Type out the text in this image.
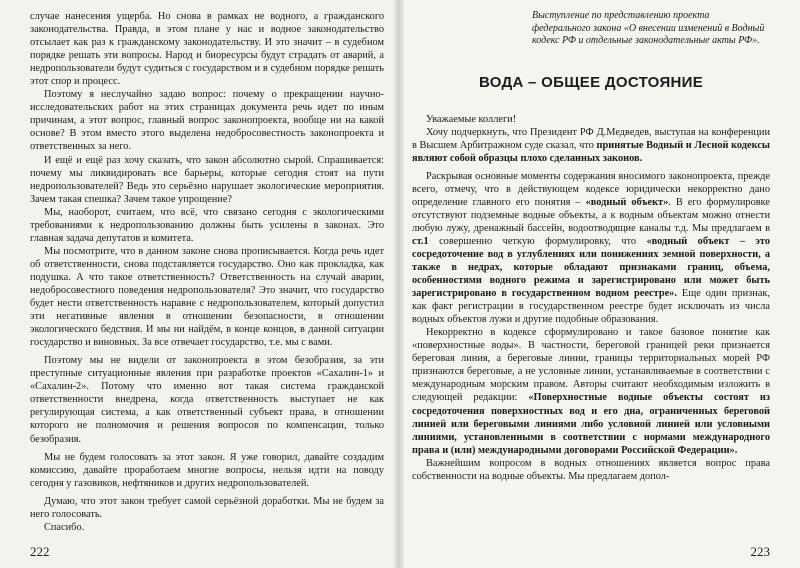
случае нанесения ущерба. Но снова в рамках не водного, а гражданского законодательства. Правда, в этом плане у нас и водное законодательство отсылает как раз к гражданскому законодательству. И это значит – в судебном порядке решать эти вопросы. Народ и биоресурсы будут страдать от аварий, а недропользователи будут судиться с государством и в судебном порядке решать этот спор и процесс.

Поэтому я неслучайно задаю вопрос: почему о прекращении научно-исследовательских работ на этих страницах документа речь идет по иным причинам, а этот вопрос, главный вопрос законопроекта, вообще ни на какой основе? В этом вместо этого выделена недобросовестность законопроекта и ответственных за него.

И ещё и ещё раз хочу сказать, что закон абсолютно сырой. Спрашивается: почему мы ликвидировать все барьеры, которые сегодня стоят на пути недропользователей? Ведь это серьёзно нарушает экологические мероприятия. Зачем такая спешка? Зачем такое упрощение?

Мы, наоборот, считаем, что всё, что связано сегодня с экологическими требованиями к недропользованию должны быть усилены в законах. Это главная задача депутатов и комитета.

Мы посмотрите, что в данном законе снова прописывается. Когда речь идет об ответственности, снова подставляется государство. Оно как прокладка, как подушка. А что такое ответственность? Ответственность на случай аварии, недобросовестного поведения недропользователя? Это значит, что государство будет нести ответственность наравне с недропользователем, который допустил эти негативные явления в отношении безопасности, в отношении экологического бедствия. И мы ни найдём, в конце концов, в данной ситуации государство и виновных. За все отвечает государство, т.е. мы с вами.

Поэтому мы не видели от законопроекта в этом безобразия, за эти преступные ситуационные явления при разработке проектов «Сахалин-1» и «Сахалин-2». Потому что именно вот такая система гражданской ответственности внедрена, когда ответственность выступает не как регулирующая система, а как ответственный субъект права, в отношении которого не полномочия и решения вопросов по компенсации, только безобразия.

Мы не будем голосовать за этот закон. Я уже говорил, давайте создадим комиссию, давайте проработаем многие вопросы, нельзя идти на поводу сегодня у газовиков, нефтяников и других недропользователей.

Думаю, что этот закон требует самой серьёзной доработки. Мы не будем за него голосовать.

Спасибо.

222

Выступление по представлению проекта федерального закона «О внесении изменений в Водный кодекс РФ и отдельные законодательные акты РФ».

ВОДА – ОБЩЕЕ ДОСТОЯНИЕ

Уважаемые коллеги!

Хочу подчеркнуть, что Президент РФ Д.Медведев, выступая на конференции в Высшем Арбитражном суде сказал, что принятые Водный и Лесной кодексы являют собой образцы плохо сделанных законов.

Раскрывая основные моменты содержания вносимого законопроекта, прежде всего, отмечу, что в действующем кодексе юридически некорректно дано определение главного его понятия – «водный объект». В его формулировке отсутствуют подземные водные объекты, а к водным объектам можно отнести любую лужу, дренажный бассейн, водоотводящие каналы т.д. Мы предлагаем в ст.1 совершенно четкую формулировку, что «водный объект – это сосредоточение вод в углублениях или понижениях земной поверхности, а также в недрах, которые обладают признаками границ, объема, особенностями водного режима и зарегистрировано или может быть зарегистрировано в государственном водном реестре». Еще один признак, как факт регистрации в государственном реестре будет исключать из числа водных объектов лужи и другие подобные образования.

Некорректно в кодексе сформулировано и такое базовое понятие как «поверхностные воды». В частности, береговой границей реки признается береговая линия, а береговые линии, границы территориальных морей РФ признаются береговые, а не условные линии, устанавливаемые в соответствии с международным морским правом. Авторы считают необходимым изложить в следующей редакции: «Поверхностные водные объекты состоят из сосредоточения поверхностных вод и его дна, ограниченных береговой линией или береговыми линиями либо условной линией или условными линиями, установленными в соответствии с нормами международного права и (или) международными договорами Российской Федерации».

Важнейшим вопросом в водных отношениях является вопрос права собственности на водные объекты. Мы предлагаем допол-

223
